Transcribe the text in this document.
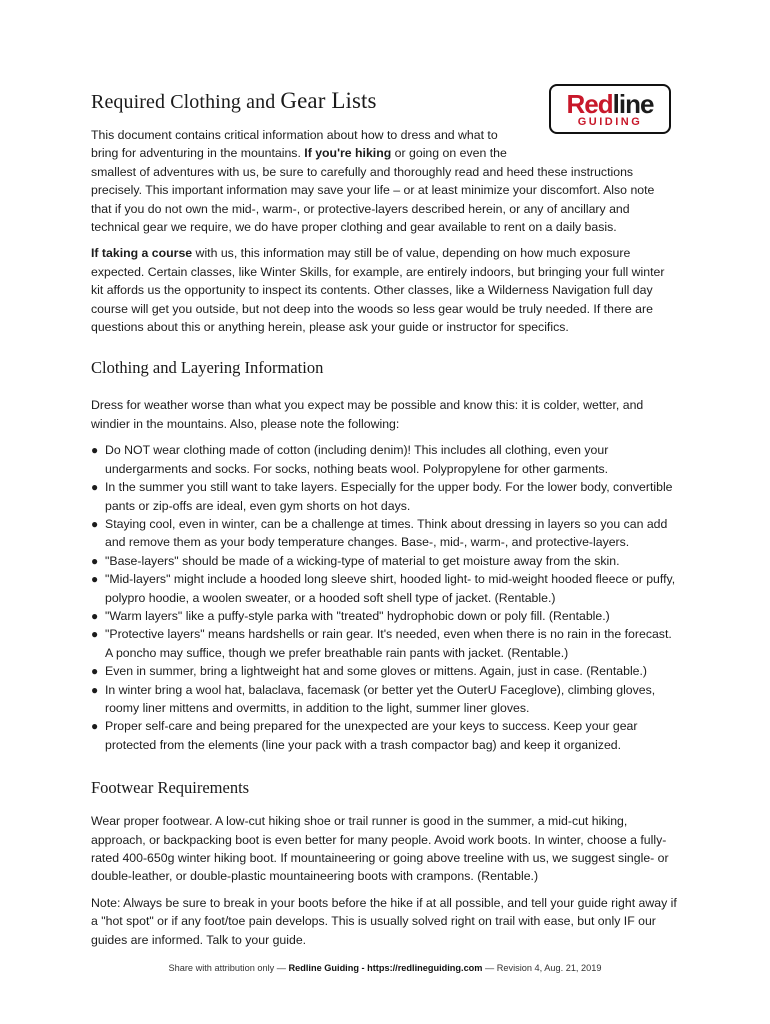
Required Clothing and Gear Lists	Redline
GUIDING

This document contains critical information about how to dress and what to bring for adventuring in the mountains. If you're hiking or going on even the

smallest of adventures with us, be sure to carefully and thoroughly read and heed these instructions precisely. This important information may save your life – or at least minimize your discomfort. Also note that if you do not own the mid-, warm-, or protective-layers described herein, or any of ancillary and technical gear we require, we do have proper clothing and gear available to rent on a daily basis.

If taking a course with us, this information may still be of value, depending on how much exposure expected. Certain classes, like Winter Skills, for example, are entirely indoors, but bringing your full winter kit affords us the opportunity to inspect its contents. Other classes, like a Wilderness Navigation full day course will get you outside, but not deep into the woods so less gear would be truly needed. If there are questions about this or anything herein, please ask your guide or instructor for specifics.

Clothing and Layering Information

Dress for weather worse than what you expect may be possible and know this: it is colder, wetter, and windier in the mountains. Also, please note the following:

● Do NOT wear clothing made of cotton (including denim)! This includes all clothing, even your undergarments and socks. For socks, nothing beats wool. Polypropylene for other garments.
● In the summer you still want to take layers. Especially for the upper body. For the lower body, convertible pants or zip-offs are ideal, even gym shorts on hot days.
● Staying cool, even in winter, can be a challenge at times. Think about dressing in layers so you can add and remove them as your body temperature changes. Base-, mid-, warm-, and protective-layers.
● "Base-layers" should be made of a wicking-type of material to get moisture away from the skin.
● "Mid-layers" might include a hooded long sleeve shirt, hooded light- to mid-weight hooded fleece or puffy, polypro hoodie, a woolen sweater, or a hooded soft shell type of jacket. (Rentable.)
● "Warm layers" like a puffy-style parka with "treated" hydrophobic down or poly fill. (Rentable.)
● "Protective layers" means hardshells or rain gear. It's needed, even when there is no rain in the forecast. A poncho may suffice, though we prefer breathable rain pants with jacket. (Rentable.)
● Even in summer, bring a lightweight hat and some gloves or mittens. Again, just in case. (Rentable.)
● In winter bring a wool hat, balaclava, facemask (or better yet the OuterU Faceglove), climbing gloves, roomy liner mittens and overmitts, in addition to the light, summer liner gloves.
● Proper self-care and being prepared for the unexpected are your keys to success. Keep your gear protected from the elements (line your pack with a trash compactor bag) and keep it organized.
Footwear Requirements

Wear proper footwear. A low-cut hiking shoe or trail runner is good in the summer, a mid-cut hiking, approach, or backpacking boot is even better for many people. Avoid work boots. In winter, choose a fully-rated 400-650g winter hiking boot. If mountaineering or going above treeline with us, we suggest single- or double-leather, or double-plastic mountaineering boots with crampons. (Rentable.)

Note: Always be sure to break in your boots before the hike if at all possible, and tell your guide right away if a "hot spot" or if any foot/toe pain develops. This is usually solved right on trail with ease, but only IF our guides are informed. Talk to your guide.

Share with attribution only — Redline Guiding - https://redlineguiding.com — Revision 4, Aug. 21, 2019
